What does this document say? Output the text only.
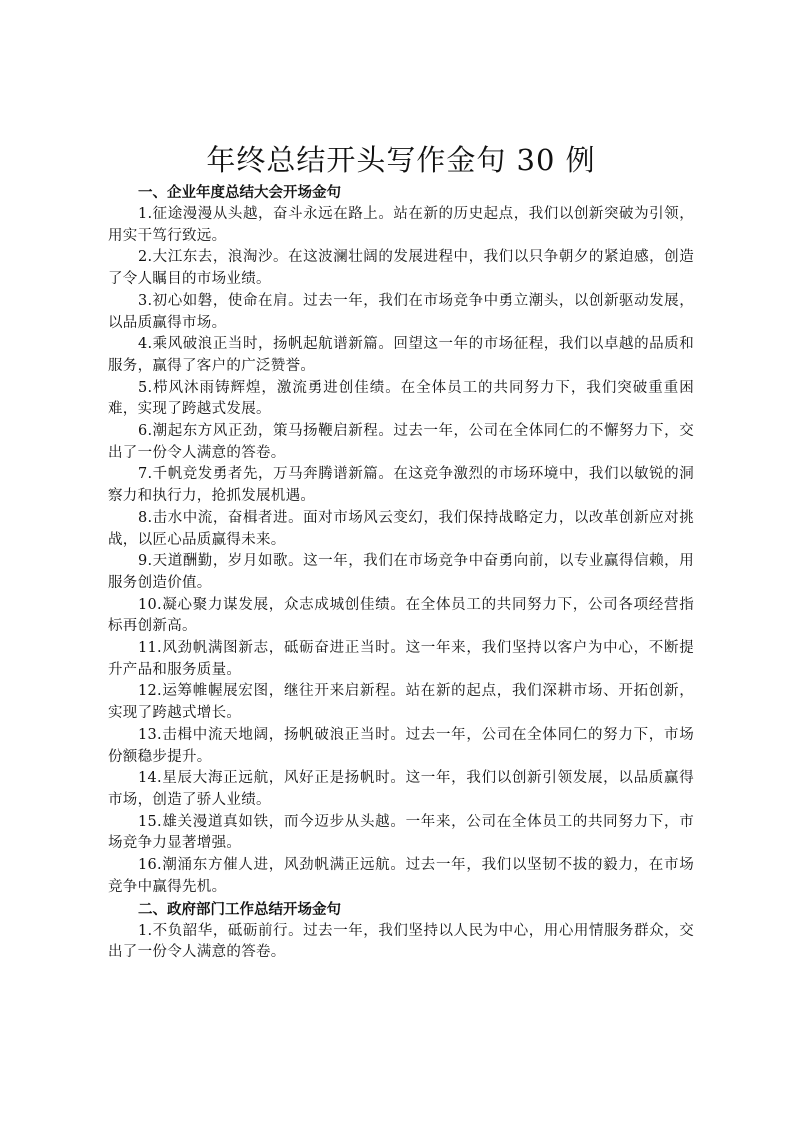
年终总结开头写作金句 30 例

一、企业年度总结大会开场金句

1.征途漫漫从头越，奋斗永远在路上。站在新的历史起点，我们以创新突破为引领，用实干笃行致远。

2.大江东去，浪淘沙。在这波澜壮阔的发展进程中，我们以只争朝夕的紧迫感，创造了令人瞩目的市场业绩。

3.初心如磐，使命在肩。过去一年，我们在市场竞争中勇立潮头，以创新驱动发展，以品质赢得市场。

4.乘风破浪正当时，扬帆起航谱新篇。回望这一年的市场征程，我们以卓越的品质和服务，赢得了客户的广泛赞誉。

5.栉风沐雨铸辉煌，激流勇进创佳绩。在全体员工的共同努力下，我们突破重重困难，实现了跨越式发展。

6.潮起东方风正劲，策马扬鞭启新程。过去一年，公司在全体同仁的不懈努力下，交出了一份令人满意的答卷。

7.千帆竞发勇者先，万马奔腾谱新篇。在这竞争激烈的市场环境中，我们以敏锐的洞察力和执行力，抢抓发展机遇。

8.击水中流，奋楫者进。面对市场风云变幻，我们保持战略定力，以改革创新应对挑战，以匠心品质赢得未来。

9.天道酬勤，岁月如歌。这一年，我们在市场竞争中奋勇向前，以专业赢得信赖，用服务创造价值。

10.凝心聚力谋发展，众志成城创佳绩。在全体员工的共同努力下，公司各项经营指标再创新高。

11.风劲帆满图新志，砥砺奋进正当时。这一年来，我们坚持以客户为中心，不断提升产品和服务质量。

12.运筹帷幄展宏图，继往开来启新程。站在新的起点，我们深耕市场、开拓创新，实现了跨越式增长。

13.击楫中流天地阔，扬帆破浪正当时。过去一年，公司在全体同仁的努力下，市场份额稳步提升。

14.星辰大海正远航，风好正是扬帆时。这一年，我们以创新引领发展，以品质赢得市场，创造了骄人业绩。

15.雄关漫道真如铁，而今迈步从头越。一年来，公司在全体员工的共同努力下，市场竞争力显著增强。

16.潮涌东方催人进，风劲帆满正远航。过去一年，我们以坚韧不拔的毅力，在市场竞争中赢得先机。

二、政府部门工作总结开场金句

1.不负韶华，砥砺前行。过去一年，我们坚持以人民为中心，用心用情服务群众，交出了一份令人满意的答卷。
